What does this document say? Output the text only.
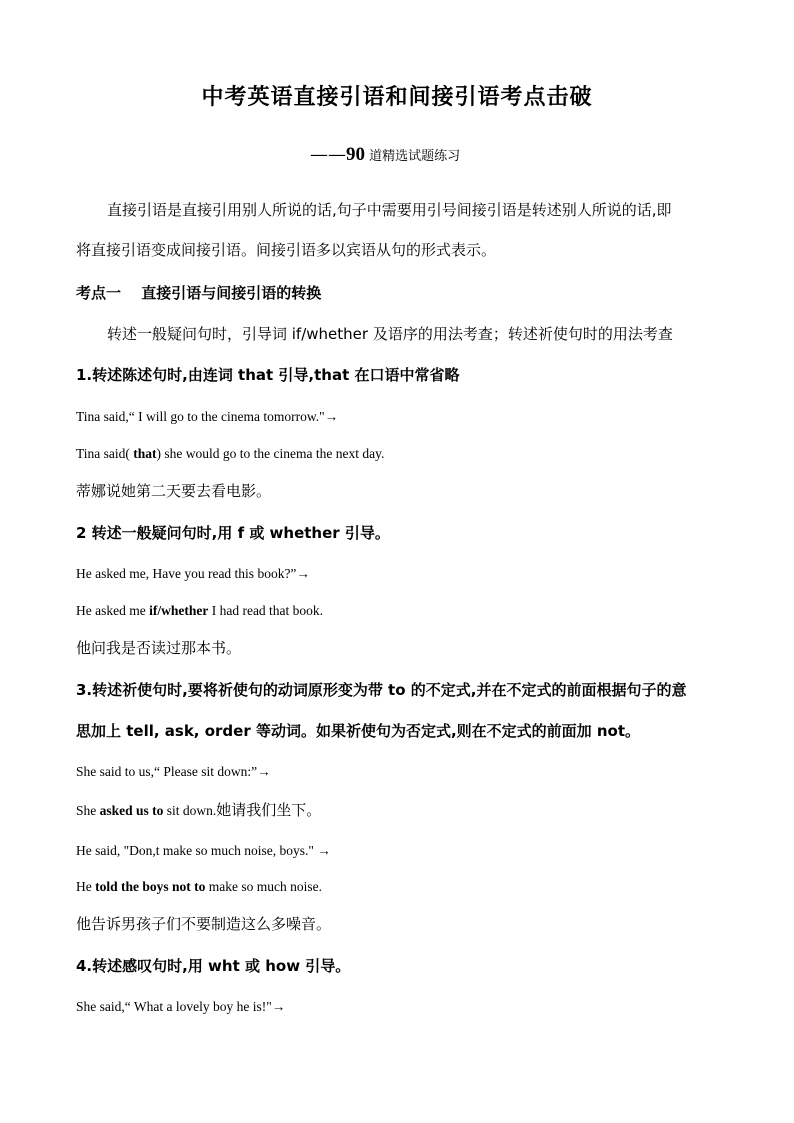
中考英语直接引语和间接引语考点击破
——90 道精选试题练习
直接引语是直接引用别人所说的话,句子中需要用引号间接引语是转述别人所说的话,即
将直接引语变成间接引语。间接引语多以宾语从句的形式表示。
考点一　 直接引语与间接引语的转换
转述一般疑问句时，引导词 if/whether 及语序的用法考查；转述祈使句时的用法考查
1.转述陈述句时,由连词 that 引导,that 在口语中常省略
Tina said,“ I will go to the cinema tomorrow."→
Tina said( that) she would go to the cinema the next day.
蒂娜说她第二天要去看电影。
2 转述一般疑问句时,用 f 或 whether 引导。
He asked me, Have you read this book?”→
He asked me if/whether I had read that book.
他问我是否读过那本书。
3.转述祈使句时,要将祈使句的动词原形变为带 to 的不定式,并在不定式的前面根据句子的意
思加上 tell, ask, order 等动词。如果祈使句为否定式,则在不定式的前面加 not。
She said to us,“ Please sit down:”→
She asked us to sit down.她请我们坐下。
He said, "Don,t make so much noise, boys." →
He told the boys not to make so much noise.
他告诉男孩子们不要制造这么多噪音。
4.转述感叹句时,用 wht 或 how 引导。
She said,“ What a lovely boy he is!"→
